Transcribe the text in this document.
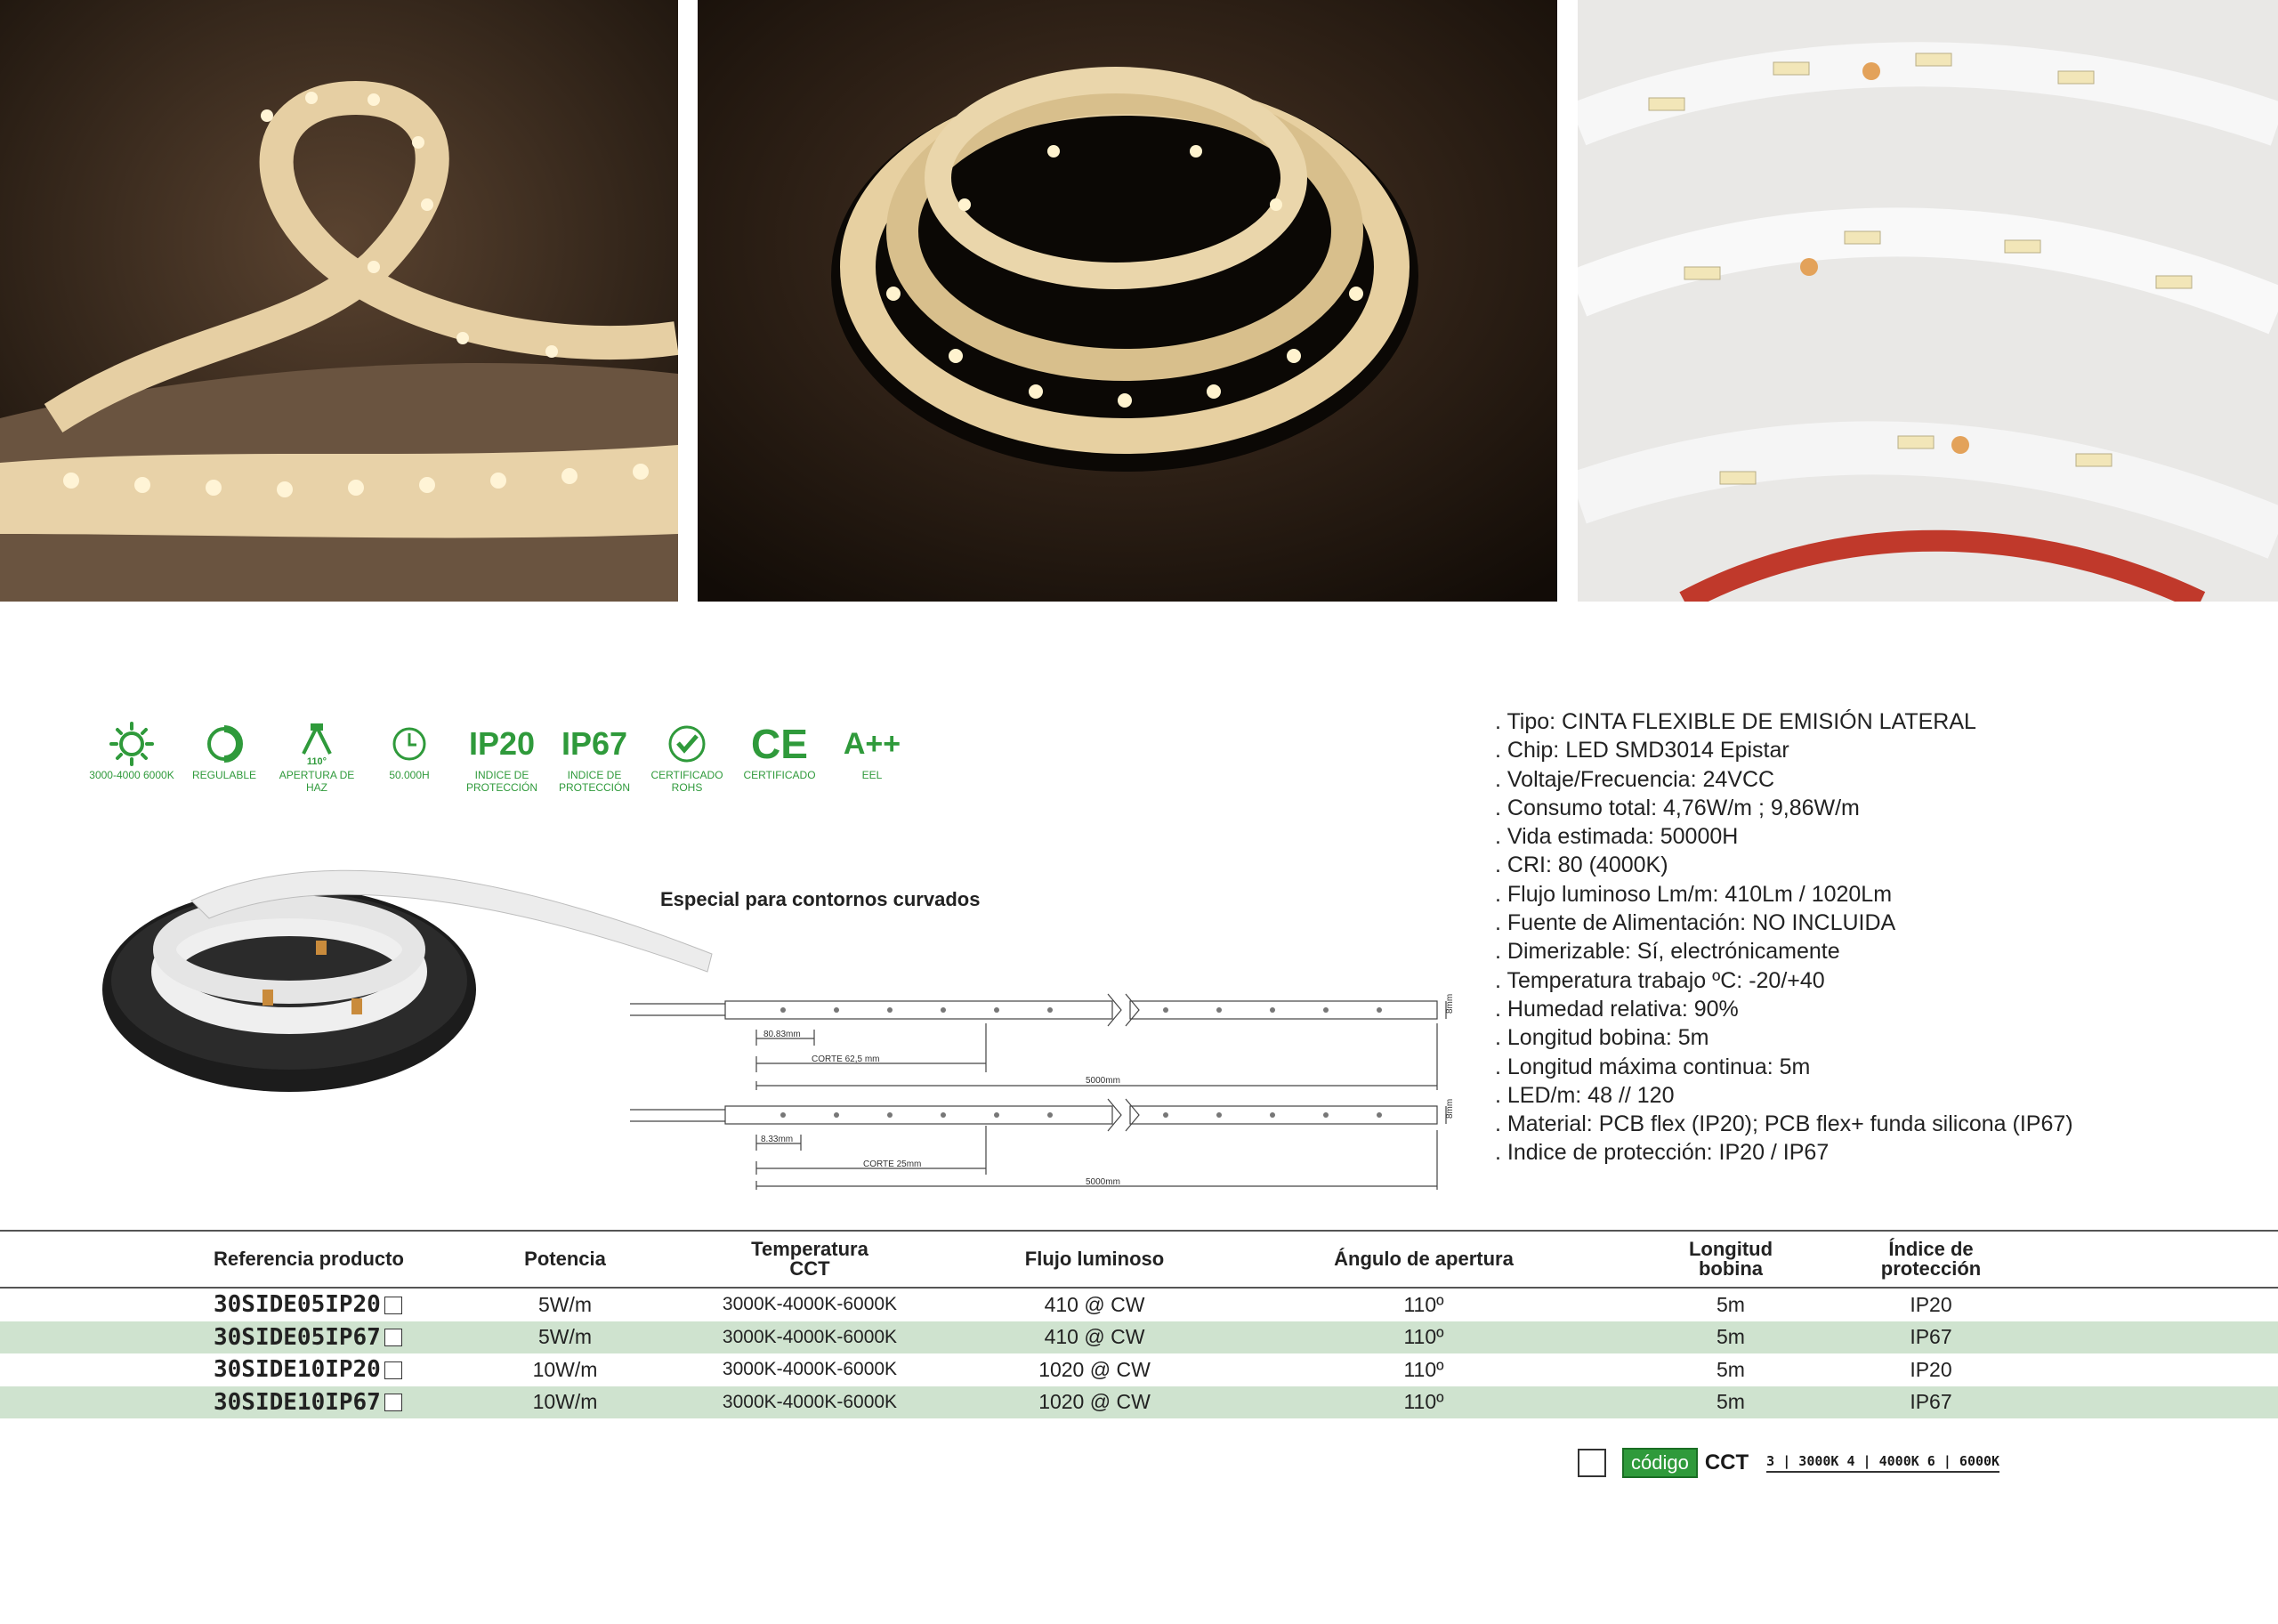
3000-4000 6000K	REGULABLE
110°
APERTURA DE HAZ
50.000H
IP20
INDICE DE PROTECCIÓN
IP67
INDICE DE PROTECCIÓN
CERTIFICADO ROHS
CE
CERTIFICADO
A++
EEL
. Tipo: CINTA FLEXIBLE DE EMISIÓN LATERAL
. Chip: LED SMD3014 Epistar
. Voltaje/Frecuencia: 24VCC
. Consumo total: 4,76W/m ; 9,86W/m
. Vida estimada: 50000H
. CRI: 80 (4000K)
. Flujo luminoso Lm/m: 410Lm / 1020Lm
. Fuente de Alimentación: NO INCLUIDA
. Dimerizable: Sí, electrónicamente
. Temperatura trabajo ºC: -20/+40
. Humedad relativa: 90%
. Longitud bobina: 5m
. Longitud máxima continua: 5m
. LED/m: 48 // 120
. Material: PCB flex (IP20); PCB flex+ funda silicona (IP67)
. Indice de protección: IP20 / IP67
Especial para contornos curvados
80.83mm
CORTE 62,5 mm
5000mm
8mm
8.33mm
CORTE 25mm
5000mm
8mm
Referencia producto	Potencia	Temperatura
CCT	Flujo luminoso	Ángulo de apertura	Longitud
bobina	Índice de
protección	
30SIDE05IP20	5W/m	3000K-4000K-6000K	410 @ CW	110º	5m	IP20	
30SIDE05IP67	5W/m	3000K-4000K-6000K	410 @ CW	110º	5m	IP67	
30SIDE10IP20	10W/m	3000K-4000K-6000K	1020 @ CW	110º	5m	IP20	
30SIDE10IP67	10W/m	3000K-4000K-6000K	1020 @ CW	110º	5m	IP67	
código CCT 3 | 3000K 4 | 4000K 6 | 6000K
